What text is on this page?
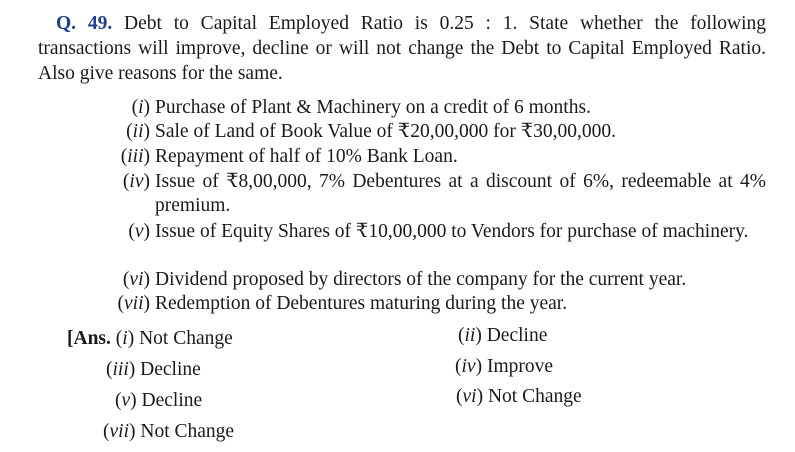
Q. 49. Debt to Capital Employed Ratio is 0.25 : 1. State whether the following transactions will improve, decline or will not change the Debt to Capital Employed Ratio. Also give reasons for the same.

(i) Purchase of Plant & Machinery on a credit of 6 months.
(ii) Sale of Land of Book Value of ₹20,00,000 for ₹30,00,000.
(iii) Repayment of half of 10% Bank Loan.
(iv) Issue of ₹8,00,000, 7% Debentures at a discount of 6%, redeemable at 4% premium.
(v) Issue of Equity Shares of ₹10,00,000 to Vendors for purchase of machinery.
(vi) Dividend proposed by directors of the company for the current year.
(vii) Redemption of Debentures maturing during the year.
[Ans. (i) Not Change	(ii) Decline
(iii) Decline	(iv) Improve
(v) Decline	(vi) Not Change
(vii) Not Change
